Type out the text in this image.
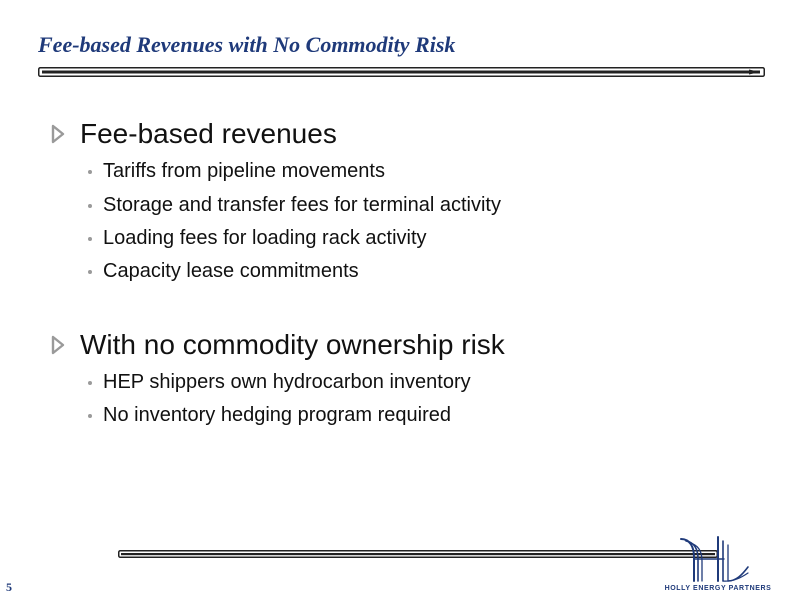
Fee-based Revenues with No Commodity Risk
Fee-based revenues
Tariffs from pipeline movements
Storage and transfer fees for terminal activity
Loading fees for loading rack activity
Capacity lease commitments
With no commodity ownership risk
HEP shippers own hydrocarbon inventory
No inventory hedging program required
5	HOLLY ENERGY PARTNERS
